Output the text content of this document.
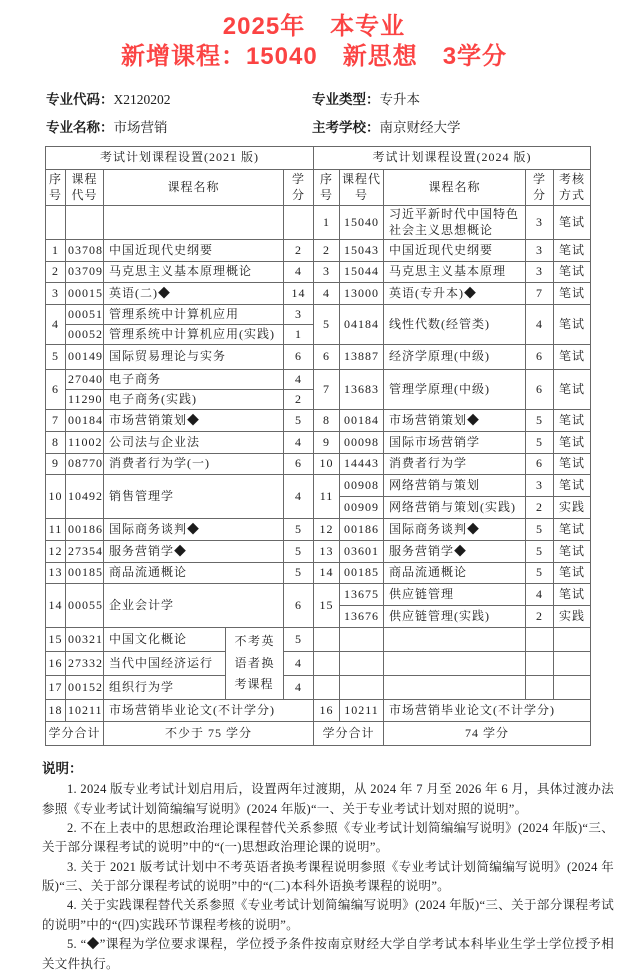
2025年　本专业
新增课程：15040　新思想　3学分
专业代码：X2120202	专业类型：专升本
专业名称：市场营销	主考学校：南京财经大学
考试计划课程设置(2021 版)					考试计划课程设置(2024 版)				
序号	课程代号	课程名称		学分	序号	课程代号	课程名称	学分	考核方式
					1	15040	习近平新时代中国特色社会主义思想概论	3	笔试
1	03708	中国近现代史纲要		2	2	15043	中国近现代史纲要	3	笔试
2	03709	马克思主义基本原理概论		4	3	15044	马克思主义基本原理	3	笔试
3	00015	英语(二)◆		14	4	13000	英语(专升本)◆	7	笔试
4	00051	管理系统中计算机应用		3	5	04184	线性代数(经管类)	4	笔试
	00052	管理系统中计算机应用(实践)		1					
5	00149	国际贸易理论与实务		6	6	13887	经济学原理(中级)	6	笔试
6	27040	电子商务		4	7	13683	管理学原理(中级)	6	笔试
	11290	电子商务(实践)		2					
7	00184	市场营销策划◆		5	8	00184	市场营销策划◆	5	笔试
8	11002	公司法与企业法		4	9	00098	国际市场营销学	5	笔试
9	08770	消费者行为学(一)		6	10	14443	消费者行为学	6	笔试
10	10492	销售管理学		4	11	00908	网络营销与策划	3	笔试
						00909	网络营销与策划(实践)	2	实践
11	00186	国际商务谈判◆		5	12	00186	国际商务谈判◆	5	笔试
12	27354	服务营销学◆		5	13	03601	服务营销学◆	5	笔试
13	00185	商品流通概论		5	14	00185	商品流通概论	5	笔试
14	00055	企业会计学		6	15	13675	供应链管理	4	笔试
						13676	供应链管理(实践)	2	实践
15	00321	中国文化概论	不考英语者换考课程	5					
16	27332	当代中国经济运行		4					
17	00152	组织行为学		4					
18	10211	市场营销毕业论文(不计学分)			16	10211	市场营销毕业论文(不计学分)		
学分合计		不少于 75 学分			学分合计		74 学分		

说明：

1. 2024 版专业考试计划启用后，设置两年过渡期，从 2024 年 7 月至 2026 年 6 月，具体过渡办法参照《专业考试计划简编编写说明》(2024 年版)“一、关于专业考试计划对照的说明”。

2. 不在上表中的思想政治理论课程替代关系参照《专业考试计划简编编写说明》(2024 年版)“三、关于部分课程考试的说明”中的“(一)思想政治理论课的说明”。

3. 关于 2021 版考试计划中不考英语者换考课程说明参照《专业考试计划简编编写说明》(2024 年版)“三、关于部分课程考试的说明”中的“(二)本科外语换考课程的说明”。

4. 关于实践课程替代关系参照《专业考试计划简编编写说明》(2024 年版)“三、关于部分课程考试的说明”中的“(四)实践环节课程考核的说明”。

5. “◆”课程为学位要求课程，学位授予条件按南京财经大学自学考试本科毕业生学士学位授予相关文件执行。
